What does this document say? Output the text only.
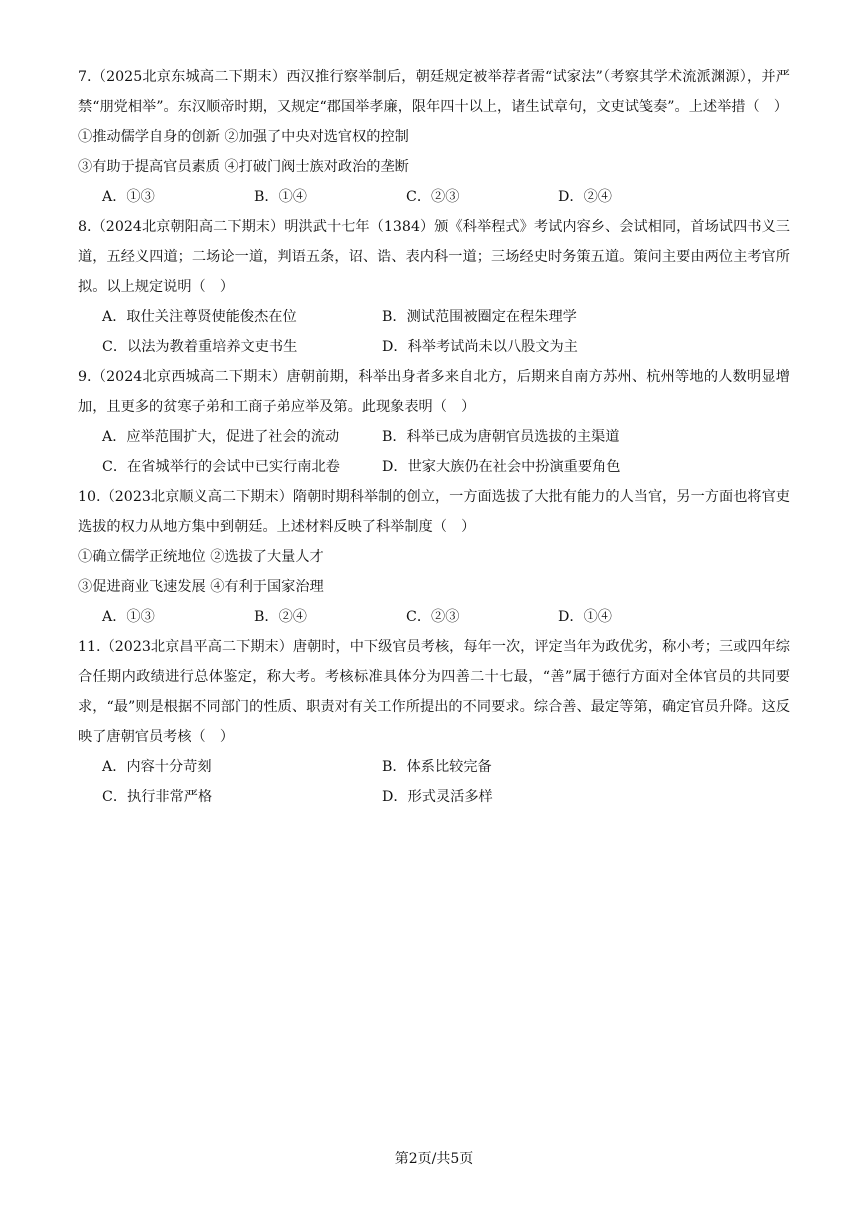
7.（2025北京东城高二下期末）西汉推行察举制后，朝廷规定被举荐者需“试家法”（考察其学术流派渊源），并严禁“朋党相举”。东汉顺帝时期，又规定“郡国举孝廉，限年四十以上，诸生试章句，文吏试笺奏”。上述举措（　）

①推动儒学自身的创新 ②加强了中央对选官权的控制

③有助于提高官员素质 ④打破门阀士族对政治的垄断

A．①③	B．①④	C．②③	D．②④

8.（2024北京朝阳高二下期末）明洪武十七年（1384）颁《科举程式》考试内容乡、会试相同，首场试四书义三道，五经义四道；二场论一道，判语五条，诏、诰、表内科一道；三场经史时务策五道。策问主要由两位主考官所拟。以上规定说明（　）

A．取仕关注尊贤使能俊杰在位	B．测试范围被圈定在程朱理学
C．以法为教着重培养文吏书生	D．科举考试尚未以八股文为主

9.（2024北京西城高二下期末）唐朝前期，科举出身者多来自北方，后期来自南方苏州、杭州等地的人数明显增加，且更多的贫寒子弟和工商子弟应举及第。此现象表明（　）

A．应举范围扩大，促进了社会的流动	B．科举已成为唐朝官员选拔的主渠道
C．在省城举行的会试中已实行南北卷	D．世家大族仍在社会中扮演重要角色

10.（2023北京顺义高二下期末）隋朝时期科举制的创立，一方面选拔了大批有能力的人当官，另一方面也将官吏选拔的权力从地方集中到朝廷。上述材料反映了科举制度（　）

①确立儒学正统地位 ②选拔了大量人才

③促进商业飞速发展 ④有利于国家治理

A．①③	B．②④	C．②③	D．①④

11.（2023北京昌平高二下期末）唐朝时，中下级官员考核，每年一次，评定当年为政优劣，称小考；三或四年综合任期内政绩进行总体鉴定，称大考。考核标准具体分为四善二十七最，“善”属于德行方面对全体官员的共同要求，“最”则是根据不同部门的性质、职责对有关工作所提出的不同要求。综合善、最定等第，确定官员升降。这反映了唐朝官员考核（　）

A．内容十分苛刻	B．体系比较完备
C．执行非常严格	D．形式灵活多样
第2页/共5页
